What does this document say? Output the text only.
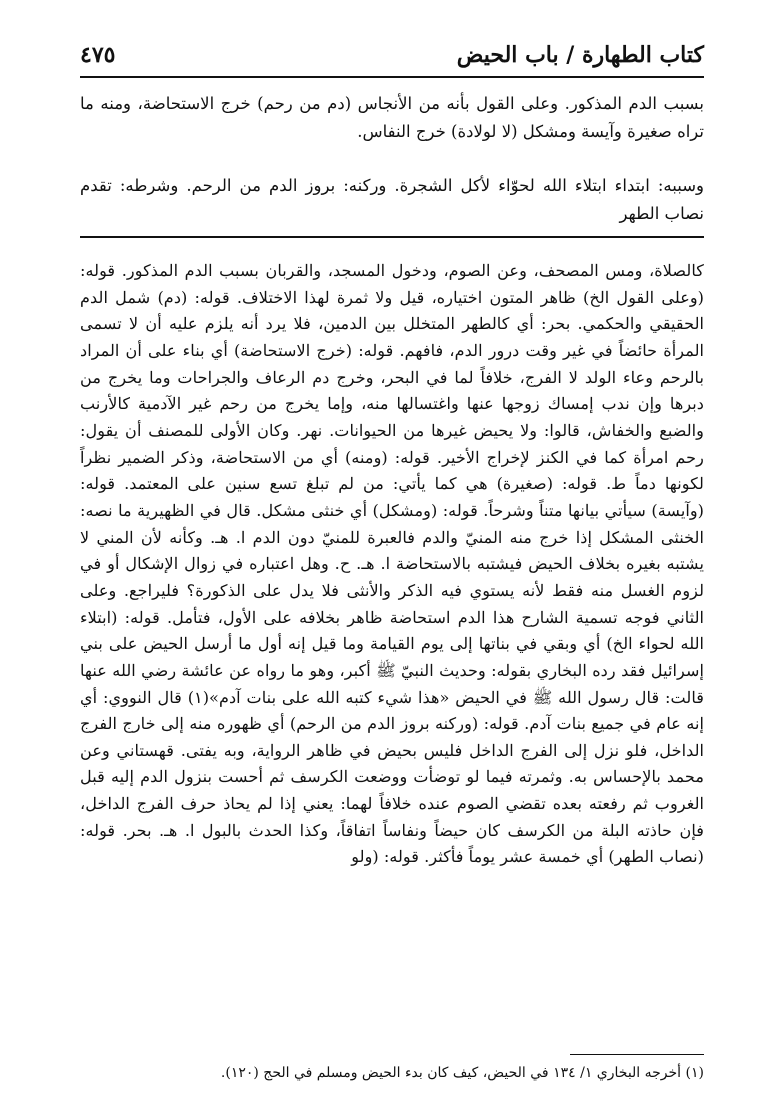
كتاب الطهارة / باب الحيض
٤٧٥

بسبب الدم المذكور. وعلى القول بأنه من الأنجاس (دم من رحم) خرج الاستحاضة، ومنه ما تراه صغيرة وآيسة ومشكل (لا لولادة) خرج النفاس.

وسببه: ابتداء ابتلاء الله لحوّاء لأكل الشجرة. وركنه: بروز الدم من الرحم. وشرطه: تقدم نصاب الطهر

كالصلاة، ومس المصحف، وعن الصوم، ودخول المسجد، والقربان بسبب الدم المذكور. قوله: (وعلى القول الخ) ظاهر المتون اختياره، قيل ولا ثمرة لهذا الاختلاف. قوله: (دم) شمل الدم الحقيقي والحكمي. بحر: أي كالطهر المتخلل بين الدمين، فلا يرد أنه يلزم عليه أن لا تسمى المرأة حائضاً في غير وقت درور الدم، فافهم. قوله: (خرج الاستحاضة) أي بناء على أن المراد بالرحم وعاء الولد لا الفرج، خلافاً لما في البحر، وخرج دم الرعاف والجراحات وما يخرج من دبرها وإن ندب إمساك زوجها عنها واغتسالها منه، وإما يخرج من رحم غير الآدمية كالأرنب والضبع والخفاش، قالوا: ولا يحيض غيرها من الحيوانات. نهر. وكان الأولى للمصنف أن يقول: رحم امرأة كما في الكنز لإخراج الأخير. قوله: (ومنه) أي من الاستحاضة، وذكر الضمير نظراً لكونها دماً ط. قوله: (صغيرة) هي كما يأتي: من لم تبلغ تسع سنين على المعتمد. قوله: (وآيسة) سيأتي بيانها متناً وشرحاً. قوله: (ومشكل) أي خنثى مشكل. قال في الظهيرية ما نصه: الخنثى المشكل إذا خرج منه المنيّ والدم فالعبرة للمنيّ دون الدم ا. هـ. وكأنه لأن المني لا يشتبه بغيره بخلاف الحيض فيشتبه بالاستحاضة ا. هـ. ح. وهل اعتباره في زوال الإشكال أو في لزوم الغسل منه فقط لأنه يستوي فيه الذكر والأنثى فلا يدل على الذكورة؟ فليراجع. وعلى الثاني فوجه تسمية الشارح هذا الدم استحاضة ظاهر بخلافه على الأول، فتأمل. قوله: (ابتلاء الله لحواء الخ) أي وبقي في بناتها إلى يوم القيامة وما قيل إنه أول ما أرسل الحيض على بني إسرائيل فقد رده البخاري بقوله: وحديث النبيّ ﷺ أكبر، وهو ما رواه عن عائشة رضي الله عنها قالت: قال رسول الله ﷺ في الحيض «هذا شيء كتبه الله على بنات آدم»(١) قال النووي: أي إنه عام في جميع بنات آدم. قوله: (وركنه بروز الدم من الرحم) أي ظهوره منه إلى خارج الفرج الداخل، فلو نزل إلى الفرج الداخل فليس بحيض في ظاهر الرواية، وبه يفتى. قهستاني وعن محمد بالإحساس به. وثمرته فيما لو توضأت ووضعت الكرسف ثم أحست بنزول الدم إليه قبل الغروب ثم رفعته بعده تقضي الصوم عنده خلافاً لهما: يعني إذا لم يحاذ حرف الفرج الداخل، فإن حاذته البلة من الكرسف كان حيضاً ونفاساً اتفاقاً، وكذا الحدث بالبول ا. هـ. بحر. قوله: (نصاب الطهر) أي خمسة عشر يوماً فأكثر. قوله: (ولو

(١) أخرجه البخاري ١/ ١٣٤ في الحيض، كيف كان بدء الحيض ومسلم في الحج (١٢٠).
